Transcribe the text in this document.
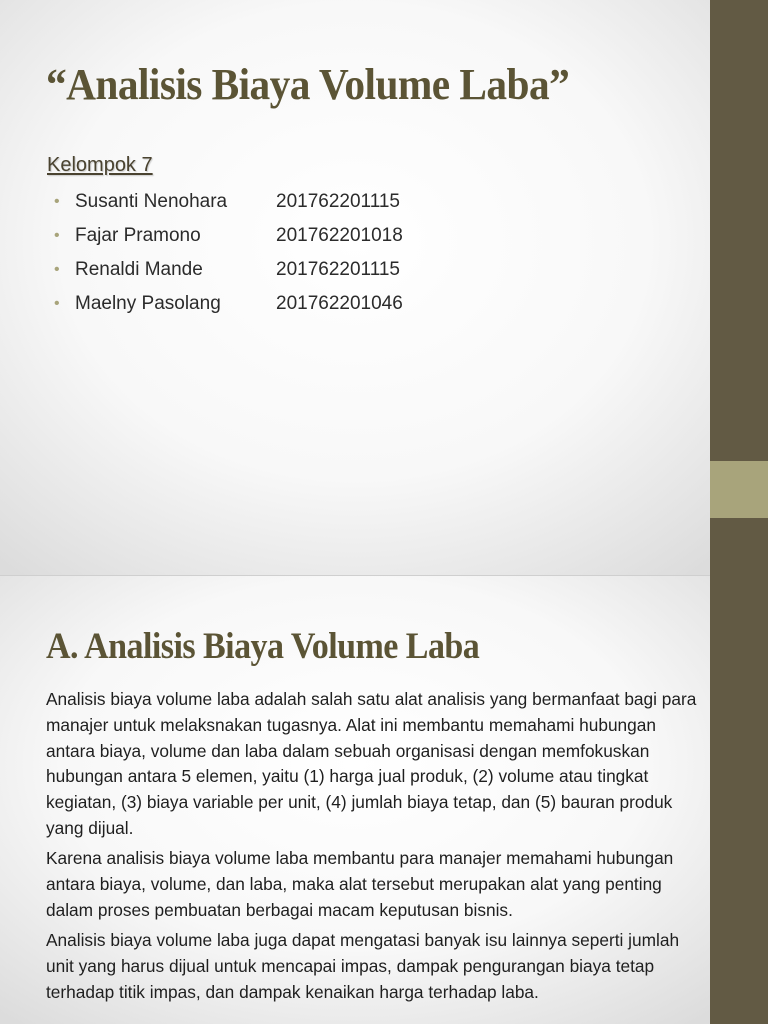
“Analisis Biaya Volume Laba”
Kelompok 7
• Susanti Nenohara	201762201115
• Fajar Pramono	201762201018
• Renaldi Mande	201762201115
• Maelny Pasolang	201762201046
A. Analisis Biaya Volume Laba

Analisis biaya volume laba adalah salah satu alat analisis yang bermanfaat bagi para manajer untuk melaksnakan tugasnya. Alat ini membantu memahami hubungan antara biaya, volume dan laba dalam sebuah organisasi dengan memfokuskan hubungan antara 5 elemen, yaitu (1) harga jual produk, (2) volume atau tingkat kegiatan, (3) biaya variable per unit, (4) jumlah biaya tetap, dan (5) bauran produk yang dijual.

Karena analisis biaya volume laba membantu para manajer memahami hubungan antara biaya, volume, dan laba, maka alat tersebut merupakan alat yang penting dalam proses pembuatan berbagai macam keputusan bisnis.

Analisis biaya volume laba juga dapat mengatasi banyak isu lainnya seperti jumlah unit yang harus dijual untuk mencapai impas, dampak pengurangan biaya tetap terhadap titik impas, dan dampak kenaikan harga terhadap laba.
